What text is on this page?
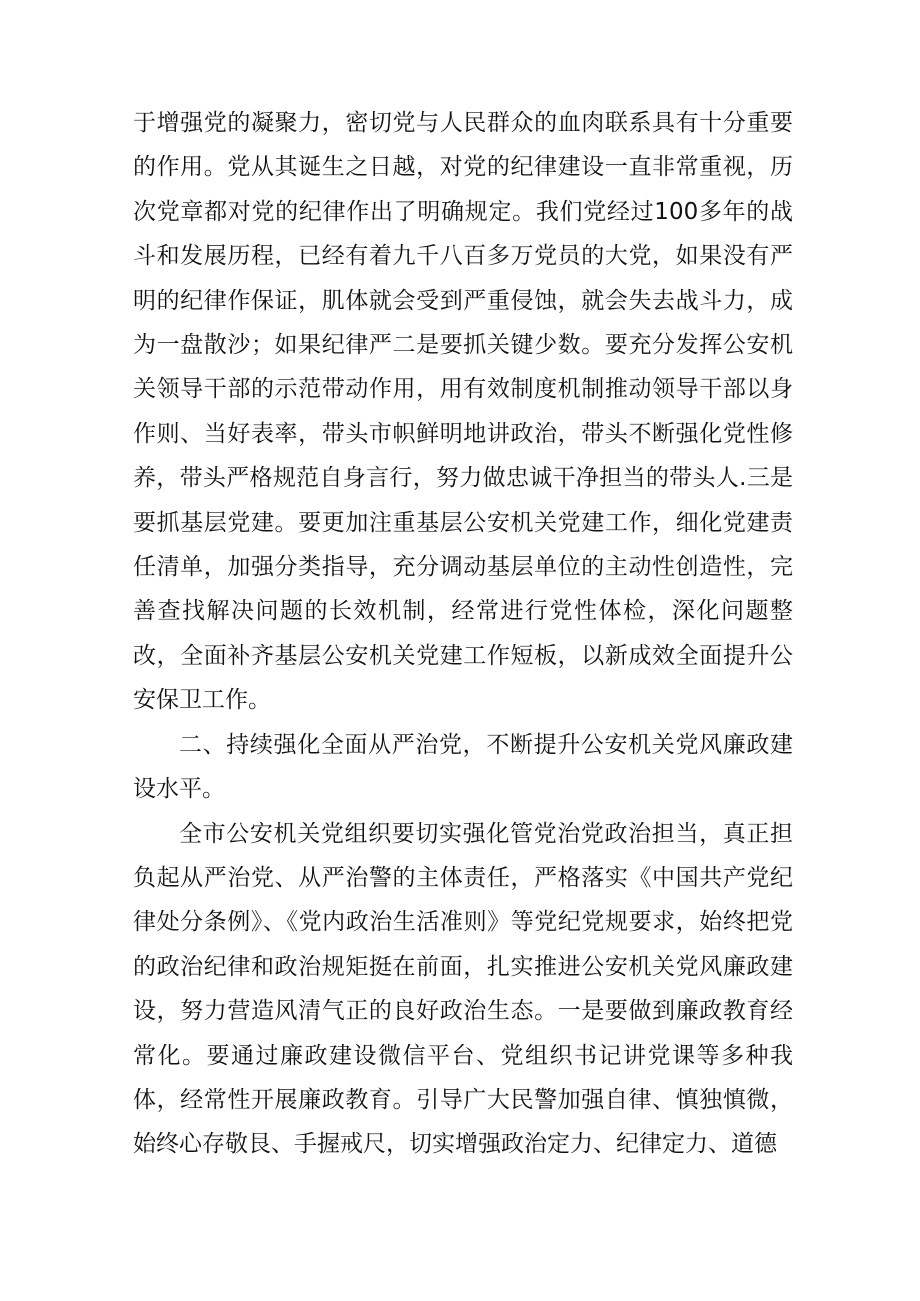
于增强党的凝聚力，密切党与人民群众的血肉联系具有十分重要的作用。党从其诞生之日越，对党的纪律建设一直非常重视，历次党章都对党的纪律作出了明确规定。我们党经过100多年的战斗和发展历程，已经有着九千八百多万党员的大党，如果没有严明的纪律作保证，肌体就会受到严重侵蚀，就会失去战斗力，成为一盘散沙；如果纪律严二是要抓关键少数。要充分发挥公安机关领导干部的示范带动作用，用有效制度机制推动领导干部以身作则、当好表率，带头市帜鲜明地讲政治，带头不断强化党性修养，带头严格规范自身言行，努力做忠诚干净担当的带头人.三是要抓基层党建。要更加注重基层公安机关党建工作，细化党建责任清单，加强分类指导，充分调动基层单位的主动性创造性，完善查找解决问题的长效机制，经常进行党性体检，深化问题整改，全面补齐基层公安机关党建工作短板，以新成效全面提升公安保卫工作。

二、持续强化全面从严治党，不断提升公安机关党风廉政建设水平。

全市公安机关党组织要切实强化管党治党政治担当，真正担负起从严治党、从严治警的主体责任，严格落实《中国共产党纪律处分条例》、《党内政治生活准则》等党纪党规要求，始终把党的政治纪律和政治规矩挺在前面，扎实推进公安机关党风廉政建设，努力营造风清气正的良好政治生态。一是要做到廉政教育经常化。要通过廉政建设微信平台、党组织书记讲党课等多种我体，经常性开展廉政教育。引导广大民警加强自律、慎独慎微，始终心存敬艮、手握戒尺，切实增强政治定力、纪律定力、道德
